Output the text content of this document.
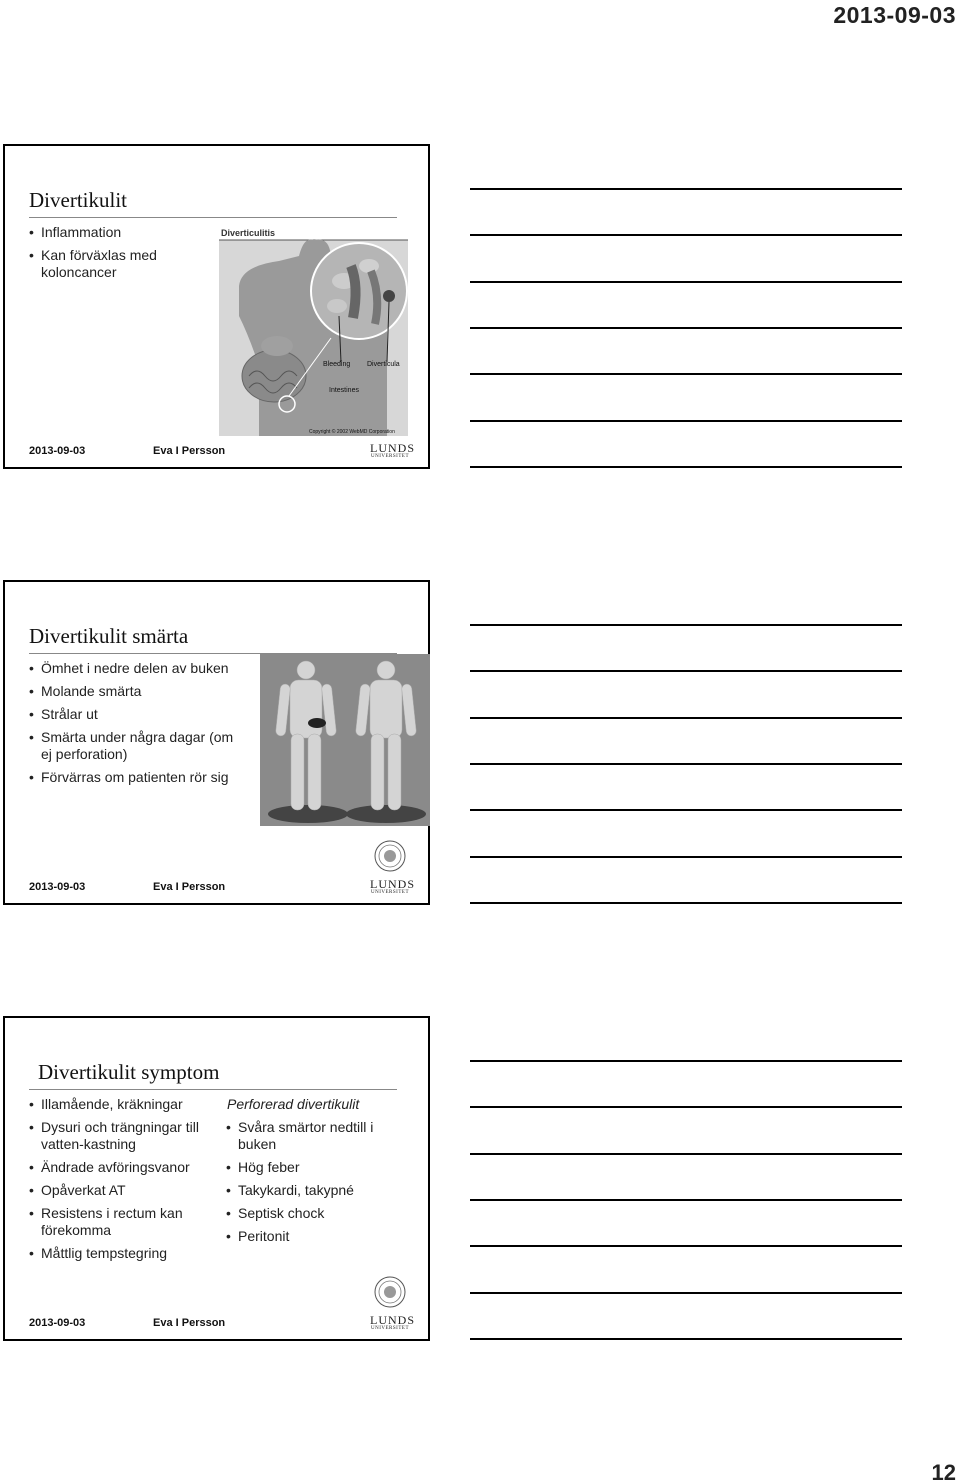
2013-09-03
Divertikulit
• Inflammation
• Kan förväxlas med koloncancer
Diverticulitis
Bleeding Diverticula
Intestines
Copyright © 2002 WebMD Corporation
2013-09-03	Eva I Persson	LUNDS
UNIVERSITET
Divertikulit smärta
• Ömhet i nedre delen av buken
• Molande smärta
• Strålar ut
• Smärta under några dagar (om ej perforation)
• Förvärras om patienten rör sig
2013-09-03	Eva I Persson	LUNDS
UNIVERSITET
Divertikulit symptom
• Illamående, kräkningar
• Dysuri och trängningar till vatten-kastning
• Ändrade avföringsvanor
• Opåverkat AT
• Resistens i rectum kan förekomma
• Måttlig tempstegring
Perforerad divertikulit
• Svåra smärtor nedtill i buken
• Hög feber
• Takykardi, takypné
• Septisk chock
• Peritonit
2013-09-03	Eva I Persson	LUNDS
UNIVERSITET
12
